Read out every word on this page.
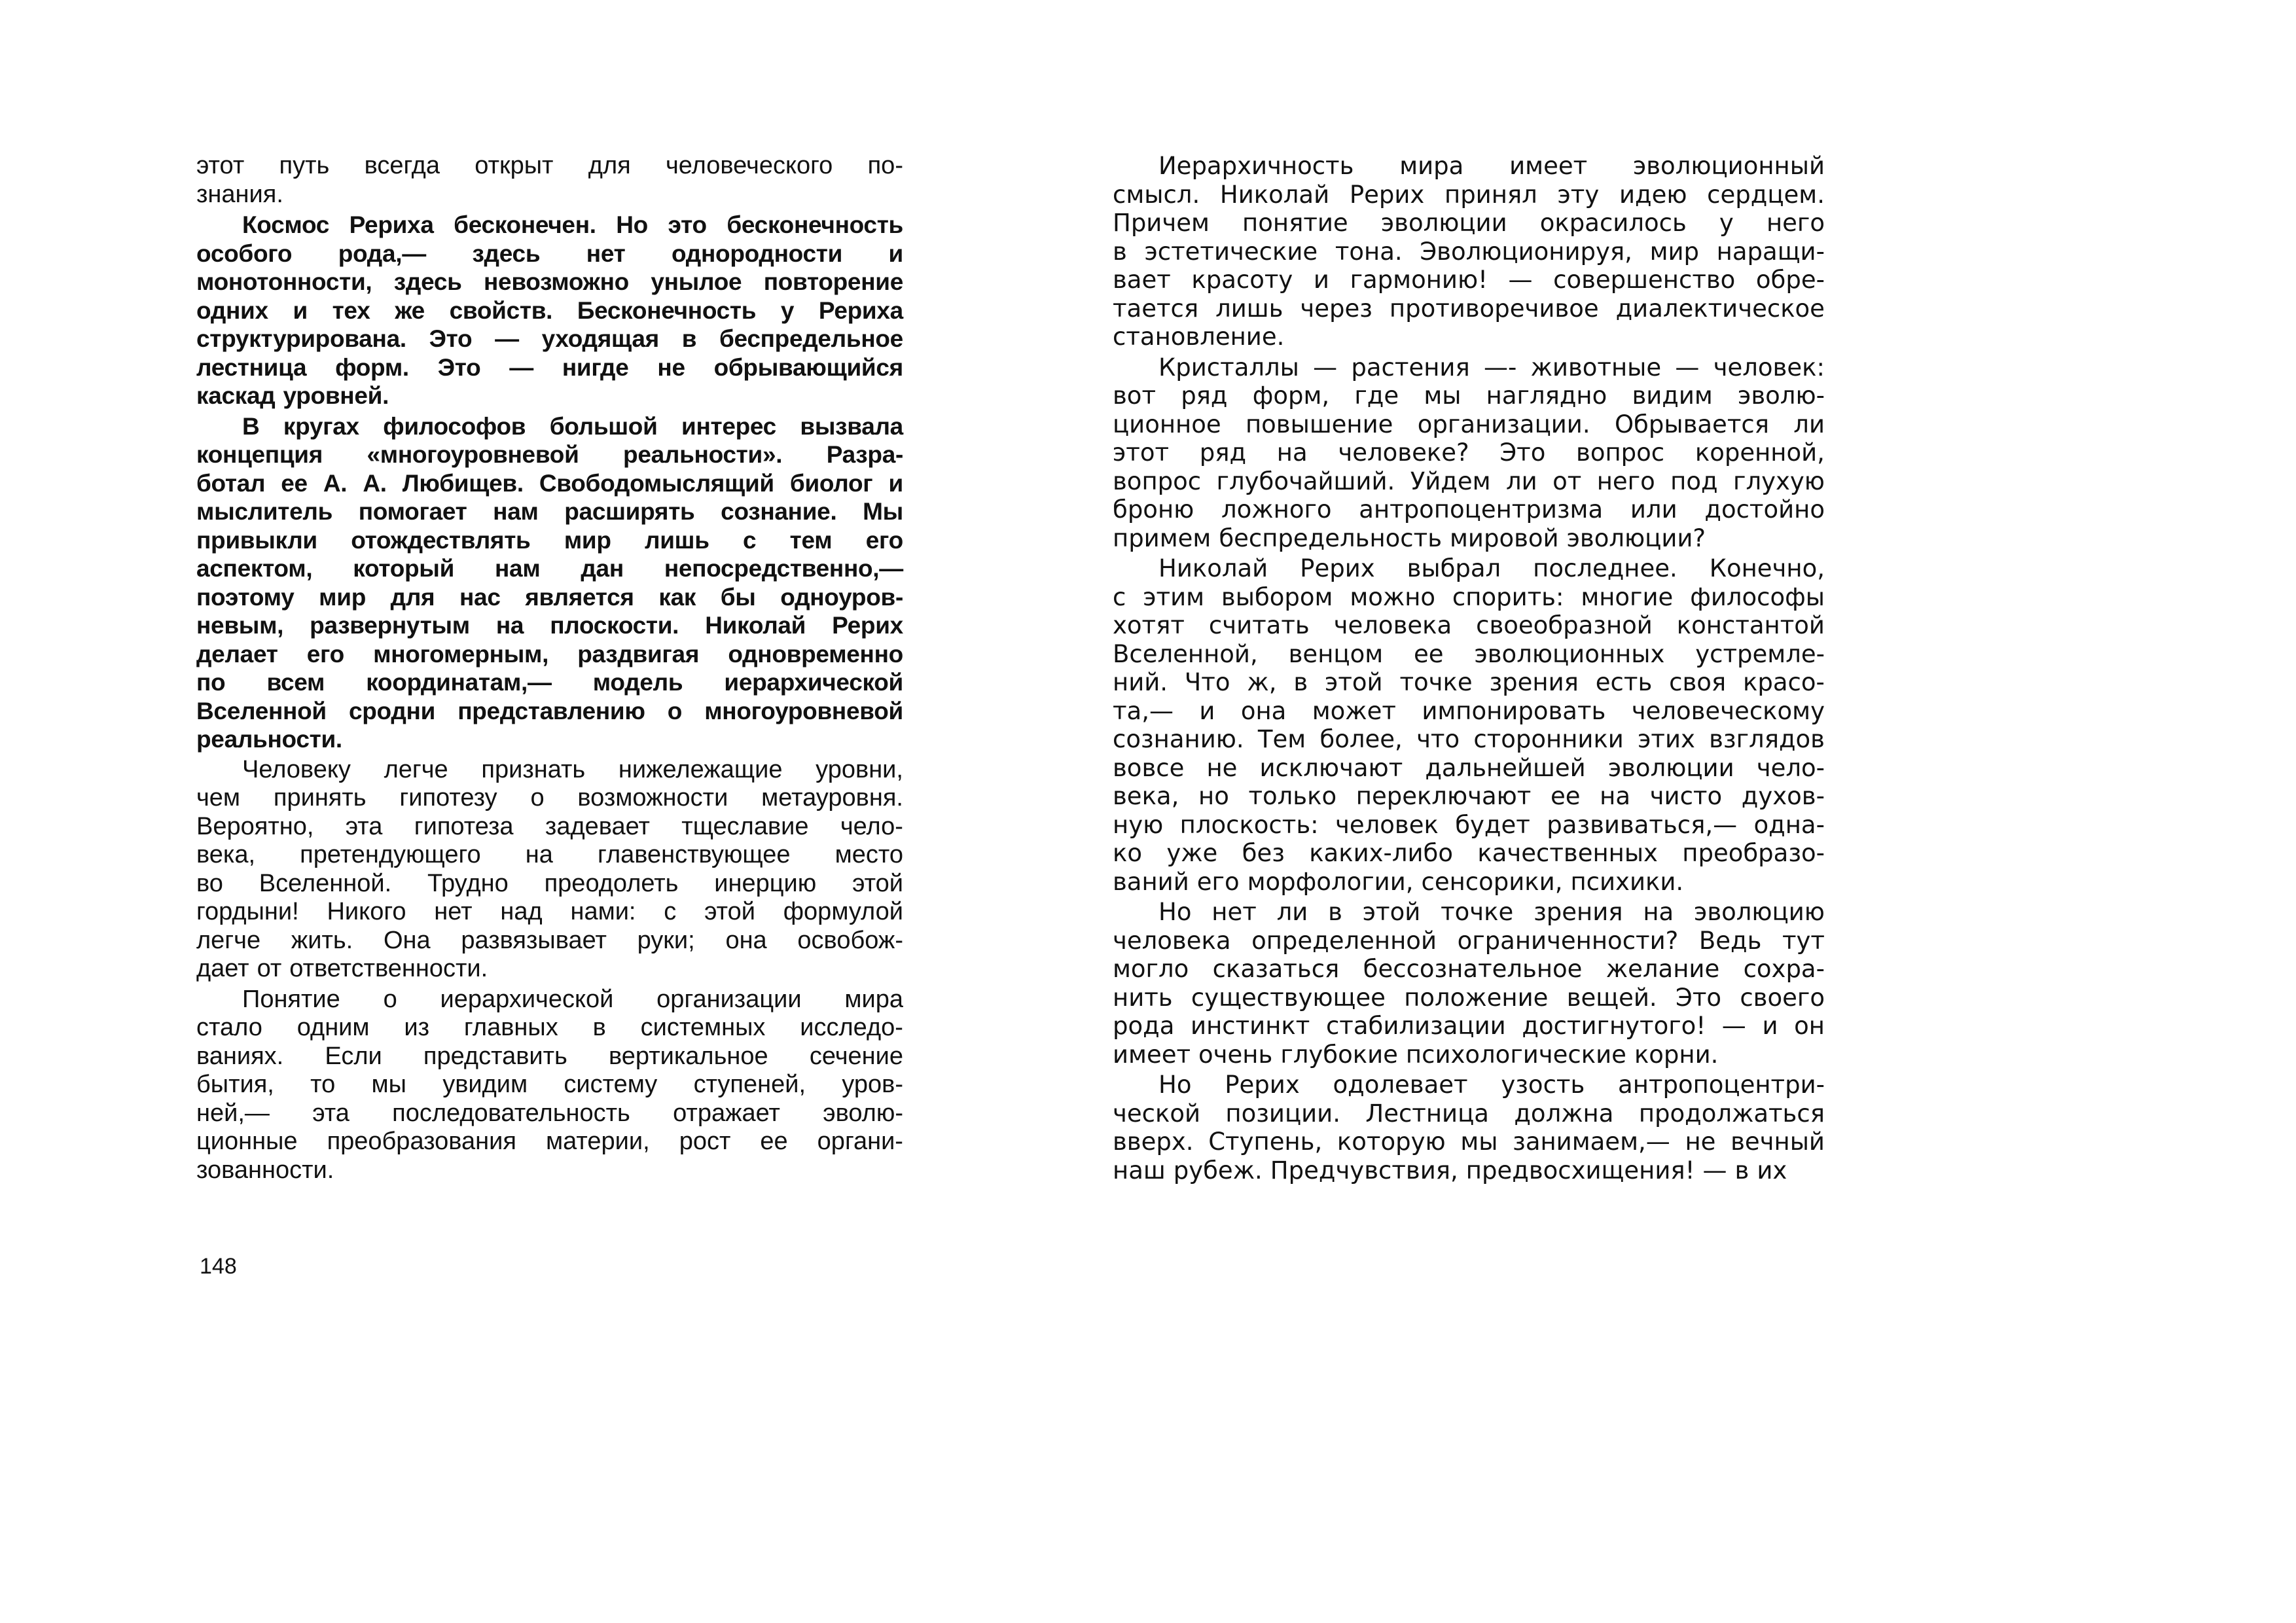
этот путь всегда открыт для человеческого по-
знания.
Космос Рериха бесконечен. Но это бесконечность
особого рода,— здесь нет однородности и
монотонности, здесь невозможно унылое повторение
одних и тех же свойств. Бесконечность у Рериха
структурирована. Это — уходящая в беспредельное
лестница форм. Это — нигде не обрывающийся
каскад уровней.
В кругах философов большой интерес вызвала
концепция «многоуровневой реальности». Разра-
ботал ее А. А. Любищев. Свободомыслящий биолог и
мыслитель помогает нам расширять сознание. Мы
привыкли отождествлять мир лишь с тем его
аспектом, который нам дан непосредственно,—
поэтому мир для нас является как бы одноуров-
невым, развернутым на плоскости. Николай Рерих
делает его многомерным, раздвигая одновременно
по всем координатам,— модель иерархической
Вселенной сродни представлению о многоуровневой
реальности.
Человеку легче признать нижележащие уровни,
чем принять гипотезу о возможности метауровня.
Вероятно, эта гипотеза задевает тщеславие чело-
века, претендующего на главенствующее место
во Вселенной. Трудно преодолеть инерцию этой
гордыни! Никого нет над нами: с этой формулой
легче жить. Она развязывает руки; она освобож-
дает от ответственности.
Понятие о иерархической организации мира
стало одним из главных в системных исследо-
ваниях. Если представить вертикальное сечение
бытия, то мы увидим систему ступеней, уров-
ней,— эта последовательность отражает эволю-
ционные преобразования материи, рост ее органи-
зованности.
Иерархичность мира имеет эволюционный
смысл. Николай Рерих принял эту идею сердцем.
Причем понятие эволюции окрасилось у него
в эстетические тона. Эволюционируя, мир наращи-
вает красоту и гармонию! — совершенство обре-
тается лишь через противоречивое диалектическое
становление.
Кристаллы — растения —- животные — человек:
вот ряд форм, где мы наглядно видим эволю-
ционное повышение организации. Обрывается ли
этот ряд на человеке? Это вопрос коренной,
вопрос глубочайший. Уйдем ли от него под глухую
броню ложного антропоцентризма или достойно
примем беспредельность мировой эволюции?
Николай Рерих выбрал последнее. Конечно,
с этим выбором можно спорить: многие философы
хотят считать человека своеобразной константой
Вселенной, венцом ее эволюционных устремле-
ний. Что ж, в этой точке зрения есть своя красо-
та,— и она может импонировать человеческому
сознанию. Тем более, что сторонники этих взглядов
вовсе не исключают дальнейшей эволюции чело-
века, но только переключают ее на чисто духов-
ную плоскость: человек будет развиваться,— одна-
ко уже без каких-либо качественных преобразо-
ваний его морфологии, сенсорики, психики.
Но нет ли в этой точке зрения на эволюцию
человека определенной ограниченности? Ведь тут
могло сказаться бессознательное желание сохра-
нить существующее положение вещей. Это своего
рода инстинкт стабилизации достигнутого! — и он
имеет очень глубокие психологические корни.
Но Рерих одолевает узость антропоцентри-
ческой позиции. Лестница должна продолжаться
вверх. Ступень, которую мы занимаем,— не вечный
наш рубеж. Предчувствия, предвосхищения! — в их
148
